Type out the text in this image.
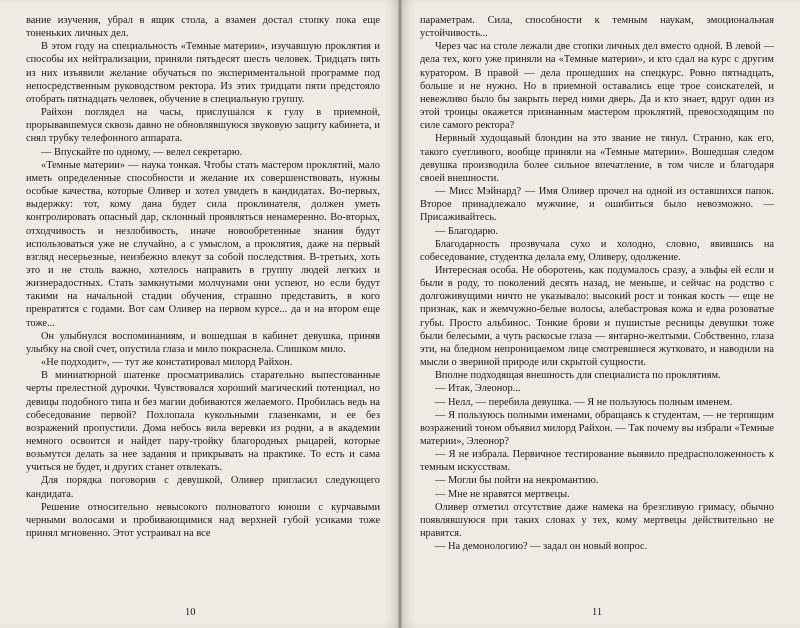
вание изучения, убрал в ящик стола, а взамен достал стопку пока еще тоненьких личных дел.

В этом году на специальность «Темные материи», изучавшую проклятия и способы их нейтрализации, приняли пятьдесят шесть человек. Тридцать пять из них изъявили желание обучаться по экспериментальной программе под непосредственным руководством ректора. Из этих тридцати пяти предстояло отобрать пятнадцать человек, обучение в специальную группу.

Райхон поглядел на часы, прислушался к гулу в приемной, прорывавшемуся сквозь давно не обновлявшуюся звуковую защиту кабинета, и снял трубку телефонного аппарата.

— Впускайте по одному, — велел секретарю.

«Темные материи» — наука тонкая. Чтобы стать мастером проклятий, мало иметь определенные способности и желание их совершенствовать, нужны особые качества, которые Оливер и хотел увидеть в кандидатах. Во-первых, выдержку: тот, кому дана будет сила проклинателя, должен уметь контролировать опасный дар, склонный проявляться ненамеренно. Во-вторых, отходчивость и незлобивость, иначе новообретенные знания будут использоваться уже не случайно, а с умыслом, а проклятия, даже на первый взгляд несерьезные, неизбежно влекут за собой последствия. В-третьих, хоть это и не столь важно, хотелось направить в группу людей легких и жизнерадостных. Стать замкнутыми молчунами они успеют, но если будут такими на начальной стадии обучения, страшно представить, в кого превратятся с годами. Вот сам Оливер на первом курсе... да и на втором еще тоже...

Он улыбнулся воспоминаниям, и вошедшая в кабинет девушка, приняв улыбку на свой счет, опустила глаза и мило покраснела. Слишком мило.

«Не подходит», — тут же констатировал милорд Райхон.

В миниатюрной шатенке просматривались старательно выпестованные черты прелестной дурочки. Чувствовался хороший магический потенциал, но девицы подобного типа и без магии добиваются желаемого. Пробилась ведь на собеседование первой? Похлопала кукольными глазенками, и ее без возражений пропустили. Дома небось вила веревки из родни, а в академии немного освоится и найдет пару-тройку благородных рыцарей, которые возьмутся делать за нее задания и прикрывать на практике. То есть и сама учиться не будет, и других станет отвлекать.

Для порядка поговорив с девушкой, Оливер пригласил следующего кандидата.

Решение относительно невысокого полноватого юноши с курчавыми черными волосами и пробивающимися над верхней губой усиками тоже принял мгновенно. Этот устраивал на все

10

параметрам. Сила, способности к темным наукам, эмоциональная устойчивость...

Через час на столе лежали две стопки личных дел вместо одной. В левой — дела тех, кого уже приняли на «Темные материи», и кто сдал на курс с другим куратором. В правой — дела прошедших на спецкурс. Ровно пятнадцать, больше и не нужно. Но в приемной оставались еще трое соискателей, и невежливо было бы закрыть перед ними дверь. Да и кто знает, вдруг один из этой троицы окажется признанным мастером проклятий, превосходящим по силе самого ректора?

Нервный худощавый блондин на это звание не тянул. Странно, как его, такого суетливого, вообще приняли на «Темные материи». Вошедшая следом девушка производила более сильное впечатление, в том числе и благодаря своей внешности.

— Мисс Мэйнард? — Имя Оливер прочел на одной из оставшихся папок. Второе принадлежало мужчине, и ошибиться было невозможно. — Присаживайтесь.

— Благодарю.

Благодарность прозвучала сухо и холодно, словно, явившись на собеседование, студентка делала ему, Оливеру, одолжение.

Интересная особа. Не оборотень, как подумалось сразу, а эльфы ей если и были в роду, то поколений десять назад, не меньше, и сейчас на родство с долгоживущими ничто не указывало: высокий рост и тонкая кость — еще не признак, как и жемчужно-белые волосы, алебастровая кожа и едва розоватые губы. Просто альбинос. Тонкие брови и пушистые ресницы девушки тоже были белесыми, а чуть раскосые глаза — янтарно-желтыми. Собственно, глаза эти, на бледном непроницаемом лице смотревшиеся жутковато, и наводили на мысли о звериной природе или скрытой сущности.

Вполне подходящая внешность для специалиста по проклятиям.

— Итак, Элеонор...

— Нелл, — перебила девушка. — Я не пользуюсь полным именем.

— Я пользуюсь полными именами, обращаясь к студентам, — не терпящим возражений тоном объявил милорд Райхон. — Так почему вы избрали «Темные материи», Элеонор?

— Я не избрала. Первичное тестирование выявило предрасположенность к темным искусствам.

— Могли бы пойти на некромантию.

— Мне не нравятся мертвецы.

Оливер отметил отсутствие даже намека на брезгливую гримасу, обычно появлявшуюся при таких словах у тех, кому мертвецы действительно не нравятся.

— На демонологию? — задал он новый вопрос.

11
